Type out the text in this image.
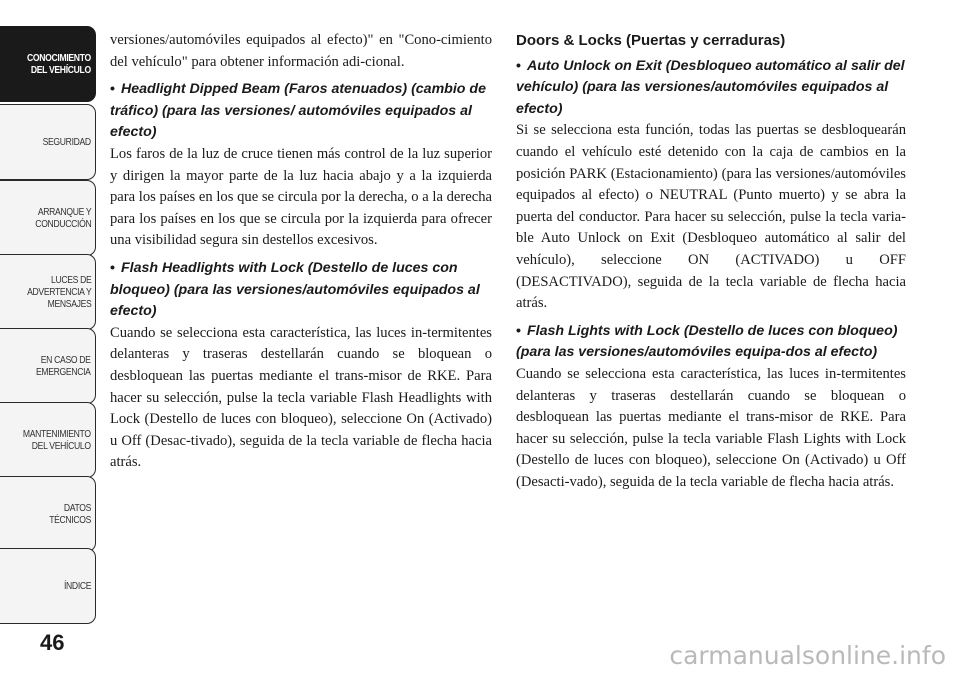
CONOCIMIENTO
DEL VEHÍCULO
SEGURIDAD
ARRANQUE Y
CONDUCCIÓN
LUCES DE
ADVERTENCIA Y
MENSAJES
EN CASO DE
EMERGENCIA
MANTENIMIENTO
DEL VEHÍCULO
DATOS
TÉCNICOS
ÍNDICE
46

versiones/automóviles equipados al efecto)" en "Cono-cimiento del vehículo" para obtener información adi-cional.

• Headlight Dipped Beam (Faros atenuados) (cambio de tráfico) (para las versiones/ automóviles equipados al efecto)

Los faros de la luz de cruce tienen más control de la luz superior y dirigen la mayor parte de la luz hacia abajo y a la izquierda para los países en los que se circula por la derecha, o a la derecha para los países en los que se circula por la izquierda para ofrecer una visibilidad segura sin destellos excesivos.

• Flash Headlights with Lock (Destello de luces con bloqueo) (para las versiones/automóviles equipados al efecto)

Cuando se selecciona esta característica, las luces in-termitentes delanteras y traseras destellarán cuando se bloquean o desbloquean las puertas mediante el trans-misor de RKE. Para hacer su selección, pulse la tecla variable Flash Headlights with Lock (Destello de luces con bloqueo), seleccione On (Activado) u Off (Desac-tivado), seguida de la tecla variable de flecha hacia atrás.

Doors & Locks (Puertas y cerraduras)

• Auto Unlock on Exit (Desbloqueo automático al salir del vehículo) (para las versiones/automóviles equipados al efecto)

Si se selecciona esta función, todas las puertas se desbloquearán cuando el vehículo esté detenido con la caja de cambios en la posición PARK (Estacionamiento) (para las versiones/automóviles equipados al efecto) o NEUTRAL (Punto muerto) y se abra la puerta del conductor. Para hacer su selección, pulse la tecla varia-ble Auto Unlock on Exit (Desbloqueo automático al salir del vehículo), seleccione ON (ACTIVADO) u OFF (DESACTIVADO), seguida de la tecla variable de flecha hacia atrás.

• Flash Lights with Lock (Destello de luces con bloqueo) (para las versiones/automóviles equipa-dos al efecto)

Cuando se selecciona esta característica, las luces in-termitentes delanteras y traseras destellarán cuando se bloquean o desbloquean las puertas mediante el trans-misor de RKE. Para hacer su selección, pulse la tecla variable Flash Lights with Lock (Destello de luces con bloqueo), seleccione On (Activado) u Off (Desacti-vado), seguida de la tecla variable de flecha hacia atrás.

carmanualsonline.info
